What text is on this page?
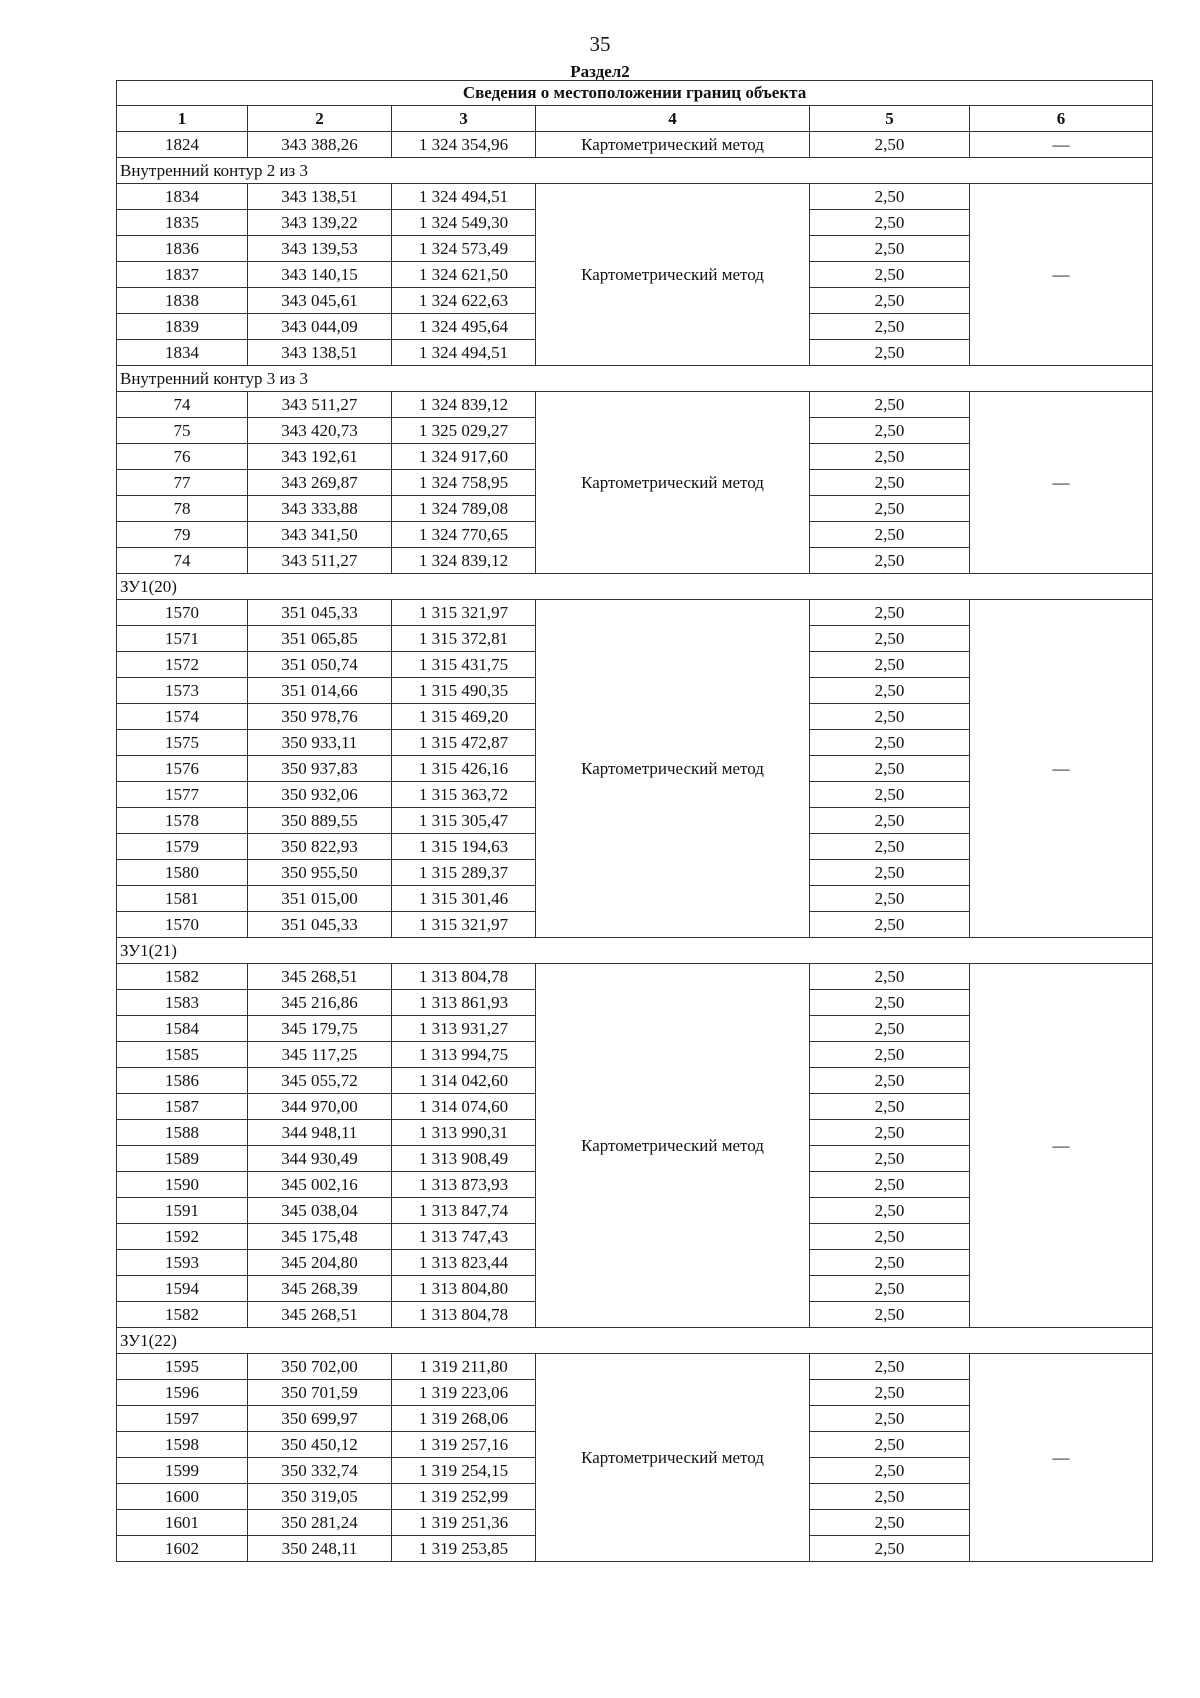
35
Раздел2
Сведения о местоположении границ объекта					
1	2	3	4	5	6
1824	343 388,26	1 324 354,96	Картометрический метод	2,50	—
Внутренний контур 2 из 3					
1834	343 138,51	1 324 494,51	Картометрический метод	2,50	—
1835	343 139,22	1 324 549,30		2,50	
1836	343 139,53	1 324 573,49		2,50	
1837	343 140,15	1 324 621,50		2,50	
1838	343 045,61	1 324 622,63		2,50	
1839	343 044,09	1 324 495,64		2,50	
1834	343 138,51	1 324 494,51		2,50	
Внутренний контур 3 из 3					
74	343 511,27	1 324 839,12	Картометрический метод	2,50	—
75	343 420,73	1 325 029,27		2,50	
76	343 192,61	1 324 917,60		2,50	
77	343 269,87	1 324 758,95		2,50	
78	343 333,88	1 324 789,08		2,50	
79	343 341,50	1 324 770,65		2,50	
74	343 511,27	1 324 839,12		2,50	
ЗУ1(20)					
1570	351 045,33	1 315 321,97	Картометрический метод	2,50	—
1571	351 065,85	1 315 372,81		2,50	
1572	351 050,74	1 315 431,75		2,50	
1573	351 014,66	1 315 490,35		2,50	
1574	350 978,76	1 315 469,20		2,50	
1575	350 933,11	1 315 472,87		2,50	
1576	350 937,83	1 315 426,16		2,50	
1577	350 932,06	1 315 363,72		2,50	
1578	350 889,55	1 315 305,47		2,50	
1579	350 822,93	1 315 194,63		2,50	
1580	350 955,50	1 315 289,37		2,50	
1581	351 015,00	1 315 301,46		2,50	
1570	351 045,33	1 315 321,97		2,50	
ЗУ1(21)					
1582	345 268,51	1 313 804,78	Картометрический метод	2,50	—
1583	345 216,86	1 313 861,93		2,50	
1584	345 179,75	1 313 931,27		2,50	
1585	345 117,25	1 313 994,75		2,50	
1586	345 055,72	1 314 042,60		2,50	
1587	344 970,00	1 314 074,60		2,50	
1588	344 948,11	1 313 990,31		2,50	
1589	344 930,49	1 313 908,49		2,50	
1590	345 002,16	1 313 873,93		2,50	
1591	345 038,04	1 313 847,74		2,50	
1592	345 175,48	1 313 747,43		2,50	
1593	345 204,80	1 313 823,44		2,50	
1594	345 268,39	1 313 804,80		2,50	
1582	345 268,51	1 313 804,78		2,50	
ЗУ1(22)					
1595	350 702,00	1 319 211,80	Картометрический метод	2,50	—
1596	350 701,59	1 319 223,06		2,50	
1597	350 699,97	1 319 268,06		2,50	
1598	350 450,12	1 319 257,16		2,50	
1599	350 332,74	1 319 254,15		2,50	
1600	350 319,05	1 319 252,99		2,50	
1601	350 281,24	1 319 251,36		2,50	
1602	350 248,11	1 319 253,85		2,50	
